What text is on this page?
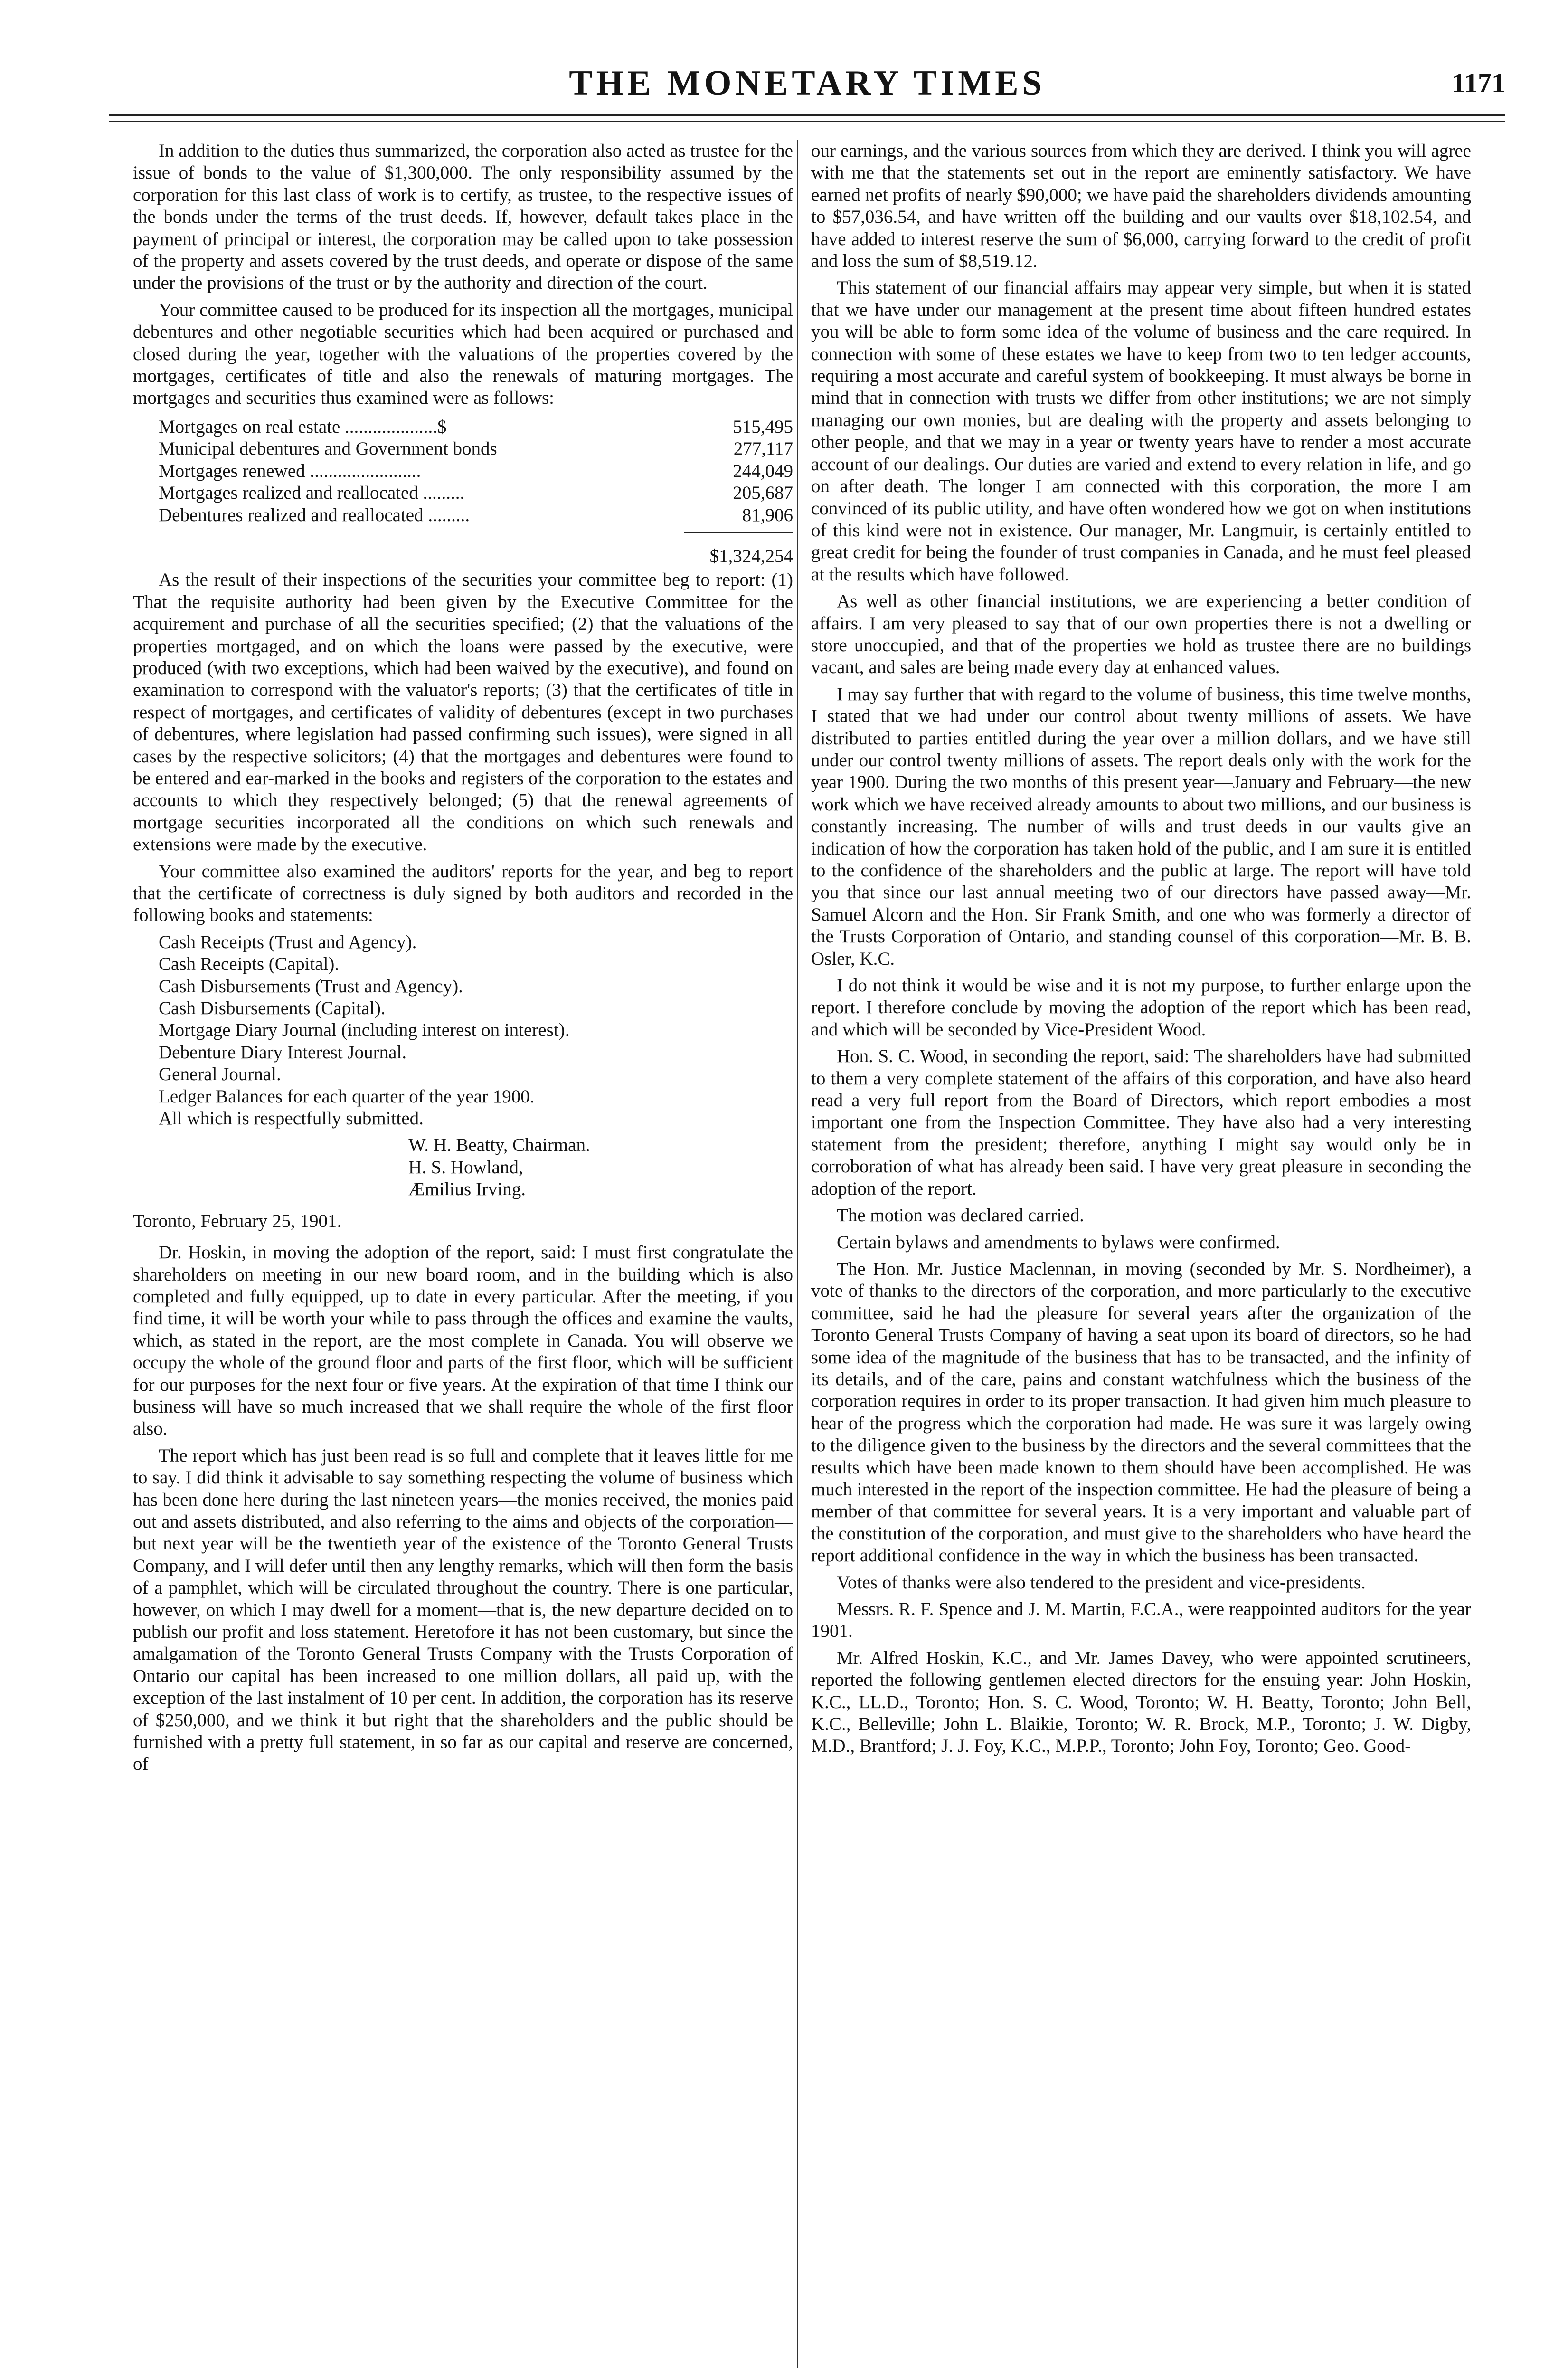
THE MONETARY TIMES	1171

In addition to the duties thus summarized, the corporation also acted as trustee for the issue of bonds to the value of $1,300,000. The only responsibility assumed by the corporation for this last class of work is to certify, as trustee, to the respective issues of the bonds under the terms of the trust deeds. If, however, default takes place in the payment of principal or interest, the corporation may be called upon to take possession of the property and assets covered by the trust deeds, and operate or dispose of the same under the provisions of the trust or by the authority and direction of the court.

Your committee caused to be produced for its inspection all the mortgages, municipal debentures and other negotiable securities which had been acquired or purchased and closed during the year, together with the valuations of the properties covered by the mortgages, certificates of title and also the renewals of maturing mortgages. The mortgages and securities thus examined were as follows:

Mortgages on real estate ....................$	515,495
Municipal debentures and Government bonds	277,117
Mortgages renewed ........................	244,049
Mortgages realized and reallocated .........	205,687
Debentures realized and reallocated .........	81,906
$1,324,254

As the result of their inspections of the securities your committee beg to report: (1) That the requisite authority had been given by the Executive Committee for the acquirement and purchase of all the securities specified; (2) that the valuations of the properties mortgaged, and on which the loans were passed by the executive, were produced (with two exceptions, which had been waived by the executive), and found on examination to correspond with the valuator's reports; (3) that the certificates of title in respect of mortgages, and certificates of validity of debentures (except in two purchases of debentures, where legislation had passed confirming such issues), were signed in all cases by the respective solicitors; (4) that the mortgages and debentures were found to be entered and ear-marked in the books and registers of the corporation to the estates and accounts to which they respectively belonged; (5) that the renewal agreements of mortgage securities incorporated all the conditions on which such renewals and extensions were made by the executive.

Your committee also examined the auditors' reports for the year, and beg to report that the certificate of correctness is duly signed by both auditors and recorded in the following books and statements:

Cash Receipts (Trust and Agency).
Cash Receipts (Capital).
Cash Disbursements (Trust and Agency).
Cash Disbursements (Capital).
Mortgage Diary Journal (including interest on interest).
Debenture Diary Interest Journal.
General Journal.
Ledger Balances for each quarter of the year 1900.
All which is respectfully submitted.
W. H. Beatty, Chairman.
H. S. Howland,
Æmilius Irving.

Toronto, February 25, 1901.

Dr. Hoskin, in moving the adoption of the report, said: I must first congratulate the shareholders on meeting in our new board room, and in the building which is also completed and fully equipped, up to date in every particular. After the meeting, if you find time, it will be worth your while to pass through the offices and examine the vaults, which, as stated in the report, are the most complete in Canada. You will observe we occupy the whole of the ground floor and parts of the first floor, which will be sufficient for our purposes for the next four or five years. At the expiration of that time I think our business will have so much increased that we shall require the whole of the first floor also.

The report which has just been read is so full and complete that it leaves little for me to say. I did think it advisable to say something respecting the volume of business which has been done here during the last nineteen years—the monies received, the monies paid out and assets distributed, and also referring to the aims and objects of the corporation—but next year will be the twentieth year of the existence of the Toronto General Trusts Company, and I will defer until then any lengthy remarks, which will then form the basis of a pamphlet, which will be circulated throughout the country. There is one particular, however, on which I may dwell for a moment—that is, the new departure decided on to publish our profit and loss statement. Heretofore it has not been customary, but since the amalgamation of the Toronto General Trusts Company with the Trusts Corporation of Ontario our capital has been increased to one million dollars, all paid up, with the exception of the last instalment of 10 per cent. In addition, the corporation has its reserve of $250,000, and we think it but right that the shareholders and the public should be furnished with a pretty full statement, in so far as our capital and reserve are concerned, of

our earnings, and the various sources from which they are derived. I think you will agree with me that the statements set out in the report are eminently satisfactory. We have earned net profits of nearly $90,000; we have paid the shareholders dividends amounting to $57,036.54, and have written off the building and our vaults over $18,102.54, and have added to interest reserve the sum of $6,000, carrying forward to the credit of profit and loss the sum of $8,519.12.

This statement of our financial affairs may appear very simple, but when it is stated that we have under our management at the present time about fifteen hundred estates you will be able to form some idea of the volume of business and the care required. In connection with some of these estates we have to keep from two to ten ledger accounts, requiring a most accurate and careful system of bookkeeping. It must always be borne in mind that in connection with trusts we differ from other institutions; we are not simply managing our own monies, but are dealing with the property and assets belonging to other people, and that we may in a year or twenty years have to render a most accurate account of our dealings. Our duties are varied and extend to every relation in life, and go on after death. The longer I am connected with this corporation, the more I am convinced of its public utility, and have often wondered how we got on when institutions of this kind were not in existence. Our manager, Mr. Langmuir, is certainly entitled to great credit for being the founder of trust companies in Canada, and he must feel pleased at the results which have followed.

As well as other financial institutions, we are experiencing a better condition of affairs. I am very pleased to say that of our own properties there is not a dwelling or store unoccupied, and that of the properties we hold as trustee there are no buildings vacant, and sales are being made every day at enhanced values.

I may say further that with regard to the volume of business, this time twelve months, I stated that we had under our control about twenty millions of assets. We have distributed to parties entitled during the year over a million dollars, and we have still under our control twenty millions of assets. The report deals only with the work for the year 1900. During the two months of this present year—January and February—the new work which we have received already amounts to about two millions, and our business is constantly increasing. The number of wills and trust deeds in our vaults give an indication of how the corporation has taken hold of the public, and I am sure it is entitled to the confidence of the shareholders and the public at large. The report will have told you that since our last annual meeting two of our directors have passed away—Mr. Samuel Alcorn and the Hon. Sir Frank Smith, and one who was formerly a director of the Trusts Corporation of Ontario, and standing counsel of this corporation—Mr. B. B. Osler, K.C.

I do not think it would be wise and it is not my purpose, to further enlarge upon the report. I therefore conclude by moving the adoption of the report which has been read, and which will be seconded by Vice-President Wood.

Hon. S. C. Wood, in seconding the report, said: The shareholders have had submitted to them a very complete statement of the affairs of this corporation, and have also heard read a very full report from the Board of Directors, which report embodies a most important one from the Inspection Committee. They have also had a very interesting statement from the president; therefore, anything I might say would only be in corroboration of what has already been said. I have very great pleasure in seconding the adoption of the report.

The motion was declared carried.

Certain bylaws and amendments to bylaws were confirmed.

The Hon. Mr. Justice Maclennan, in moving (seconded by Mr. S. Nordheimer), a vote of thanks to the directors of the corporation, and more particularly to the executive committee, said he had the pleasure for several years after the organization of the Toronto General Trusts Company of having a seat upon its board of directors, so he had some idea of the magnitude of the business that has to be transacted, and the infinity of its details, and of the care, pains and constant watchfulness which the business of the corporation requires in order to its proper transaction. It had given him much pleasure to hear of the progress which the corporation had made. He was sure it was largely owing to the diligence given to the business by the directors and the several committees that the results which have been made known to them should have been accomplished. He was much interested in the report of the inspection committee. He had the pleasure of being a member of that committee for several years. It is a very important and valuable part of the constitution of the corporation, and must give to the shareholders who have heard the report additional confidence in the way in which the business has been transacted.

Votes of thanks were also tendered to the president and vice-presidents.

Messrs. R. F. Spence and J. M. Martin, F.C.A., were reappointed auditors for the year 1901.

Mr. Alfred Hoskin, K.C., and Mr. James Davey, who were appointed scrutineers, reported the following gentlemen elected directors for the ensuing year: John Hoskin, K.C., LL.D., Toronto; Hon. S. C. Wood, Toronto; W. H. Beatty, Toronto; John Bell, K.C., Belleville; John L. Blaikie, Toronto; W. R. Brock, M.P., Toronto; J. W. Digby, M.D., Brantford; J. J. Foy, K.C., M.P.P., Toronto; John Foy, Toronto; Geo. Good-
